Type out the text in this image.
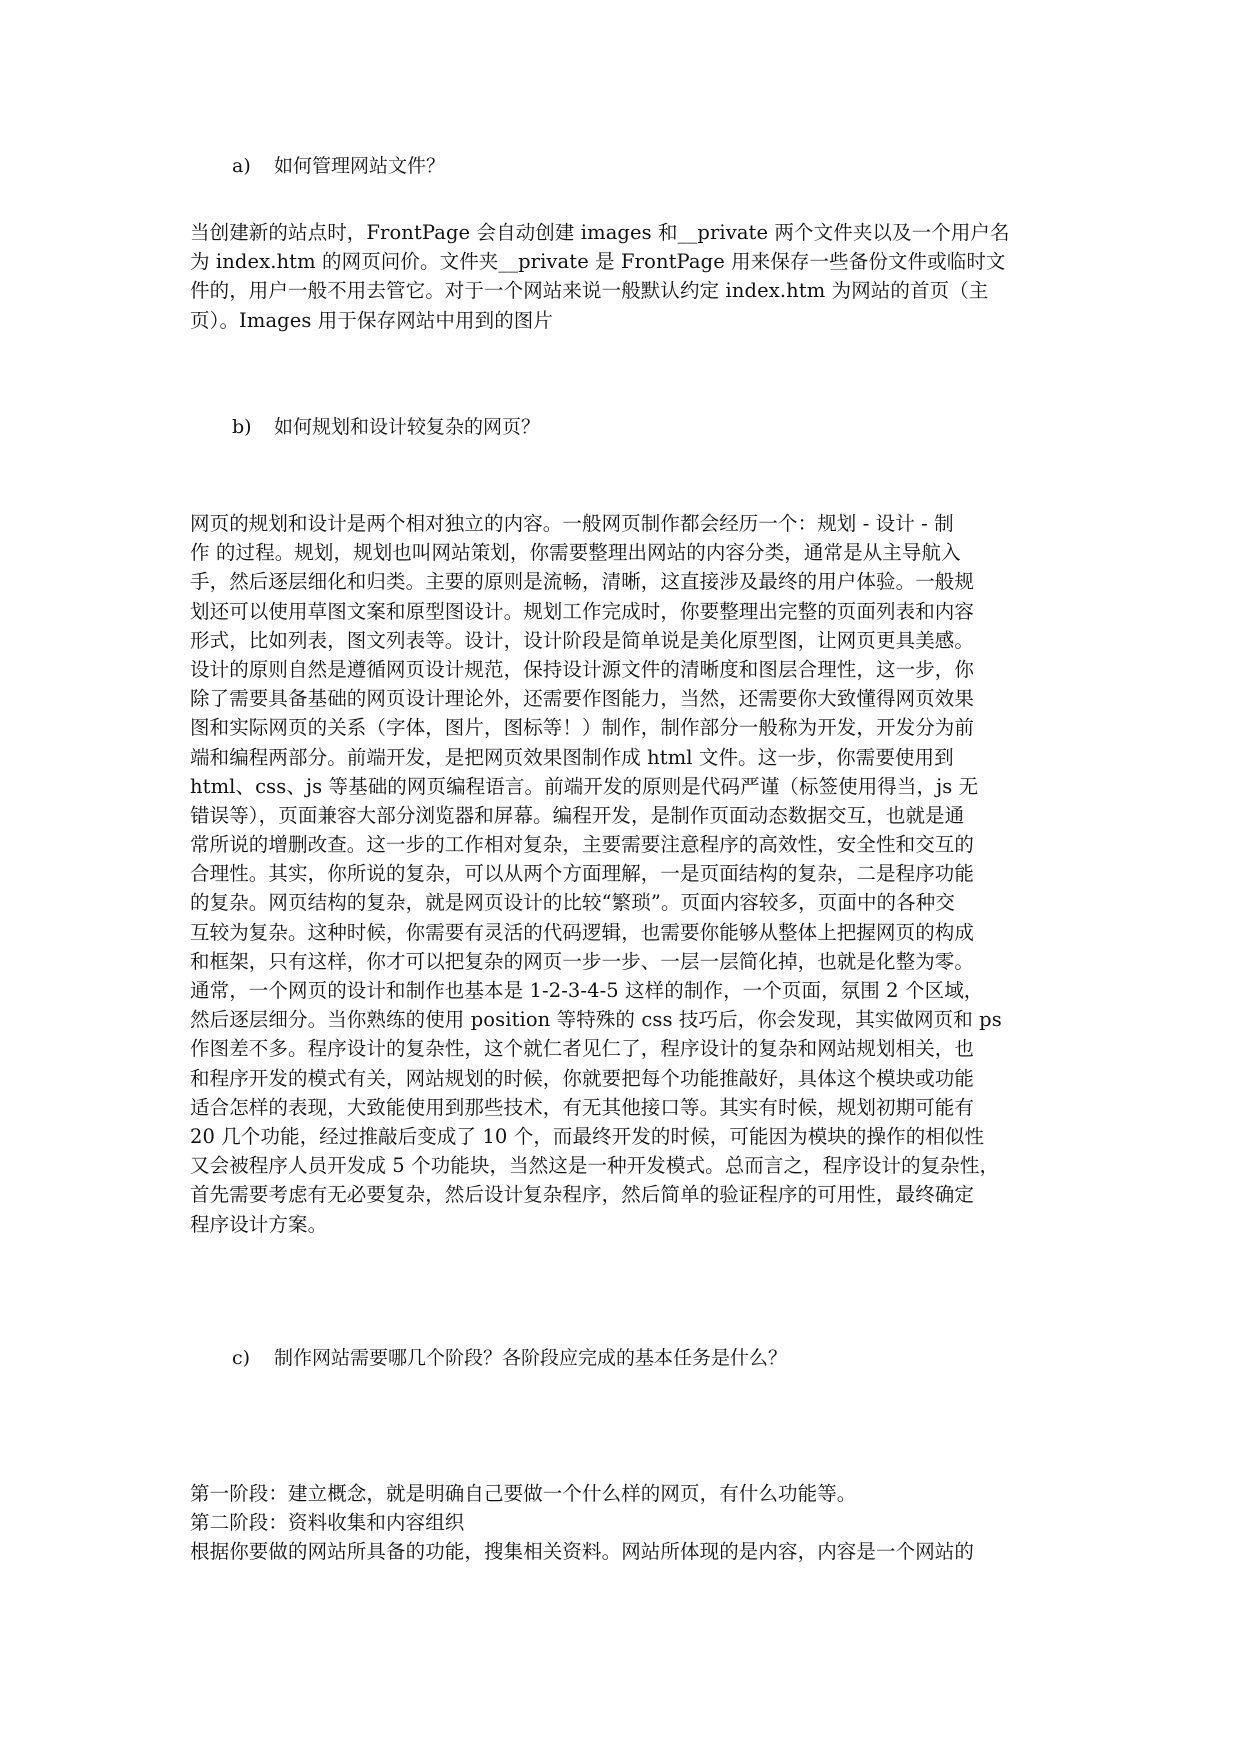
a) 如何管理网站文件？
当创建新的站点时，FrontPage 会自动创建 images 和__private 两个文件夹以及一个用户名
为 index.htm 的网页问价。文件夹__private 是 FrontPage 用来保存一些备份文件或临时文
件的，用户一般不用去管它。对于一个网站来说一般默认约定 index.htm 为网站的首页（主
页）。Images 用于保存网站中用到的图片
b) 如何规划和设计较复杂的网页？
网页的规划和设计是两个相对独立的内容。一般网页制作都会经历一个：规划 - 设计 - 制
作 的过程。规划，规划也叫网站策划，你需要整理出网站的内容分类，通常是从主导航入
手，然后逐层细化和归类。主要的原则是流畅，清晰，这直接涉及最终的用户体验。一般规
划还可以使用草图文案和原型图设计。规划工作完成时，你要整理出完整的页面列表和内容
形式，比如列表，图文列表等。设计，设计阶段是简单说是美化原型图，让网页更具美感。
设计的原则自然是遵循网页设计规范，保持设计源文件的清晰度和图层合理性，这一步，你
除了需要具备基础的网页设计理论外，还需要作图能力，当然，还需要你大致懂得网页效果
图和实际网页的关系（字体，图片，图标等！）制作，制作部分一般称为开发，开发分为前
端和编程两部分。前端开发，是把网页效果图制作成 html 文件。这一步，你需要使用到
html、css、js 等基础的网页编程语言。前端开发的原则是代码严谨（标签使用得当，js 无
错误等），页面兼容大部分浏览器和屏幕。编程开发，是制作页面动态数据交互，也就是通
常所说的增删改查。这一步的工作相对复杂，主要需要注意程序的高效性，安全性和交互的
合理性。其实，你所说的复杂，可以从两个方面理解，一是页面结构的复杂，二是程序功能
的复杂。网页结构的复杂，就是网页设计的比较“繁琐”。页面内容较多，页面中的各种交
互较为复杂。这种时候，你需要有灵活的代码逻辑，也需要你能够从整体上把握网页的构成
和框架，只有这样，你才可以把复杂的网页一步一步、一层一层简化掉，也就是化整为零。
通常，一个网页的设计和制作也基本是 1-2-3-4-5 这样的制作，一个页面，氛围 2 个区域，
然后逐层细分。当你熟练的使用 position 等特殊的 css 技巧后，你会发现，其实做网页和 ps
作图差不多。程序设计的复杂性，这个就仁者见仁了，程序设计的复杂和网站规划相关，也
和程序开发的模式有关，网站规划的时候，你就要把每个功能推敲好，具体这个模块或功能
适合怎样的表现，大致能使用到那些技术，有无其他接口等。其实有时候，规划初期可能有
20 几个功能，经过推敲后变成了 10 个，而最终开发的时候，可能因为模块的操作的相似性
又会被程序人员开发成 5 个功能块，当然这是一种开发模式。总而言之，程序设计的复杂性，
首先需要考虑有无必要复杂，然后设计复杂程序，然后简单的验证程序的可用性，最终确定
程序设计方案。
c) 制作网站需要哪几个阶段？各阶段应完成的基本任务是什么？
第一阶段：建立概念，就是明确自己要做一个什么样的网页，有什么功能等。
第二阶段：资料收集和内容组织
根据你要做的网站所具备的功能，搜集相关资料。网站所体现的是内容，内容是一个网站的
